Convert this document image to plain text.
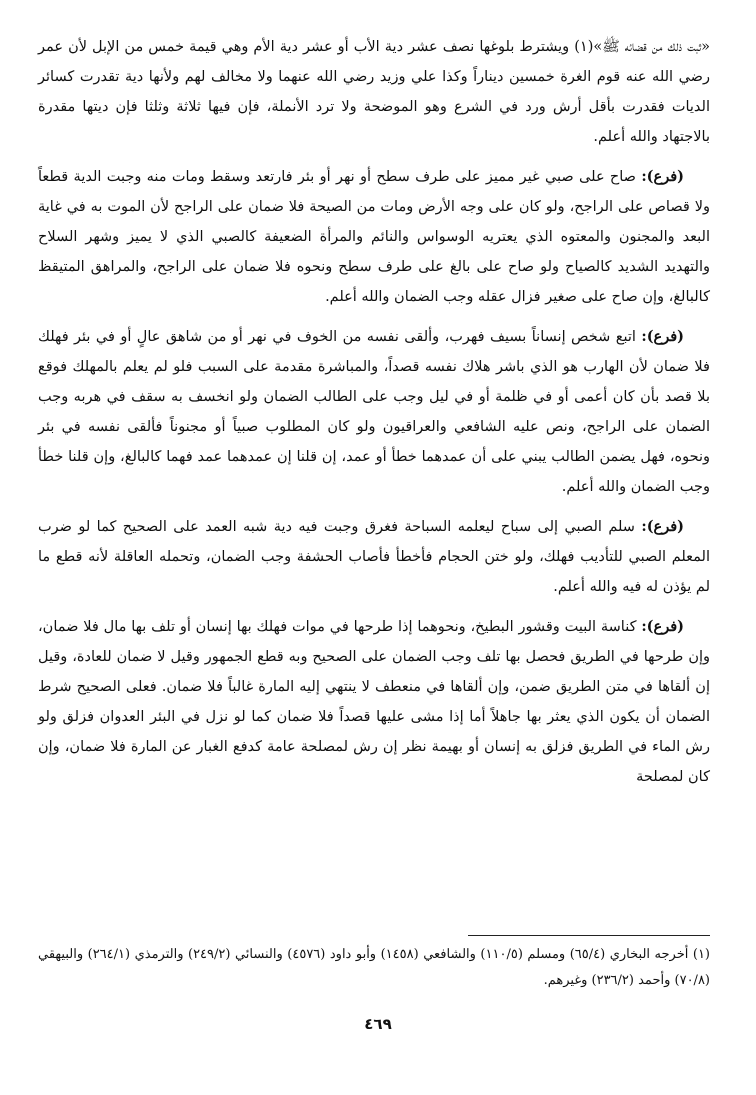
«ثبت ذلك من قضائه ﷺ»(١) ويشترط بلوغها نصف عشر دية الأب أو عشر دية الأم وهي قيمة خمس من الإبل لأن عمر رضي الله عنه قوم الغرة خمسين ديناراً وكذا علي وزيد رضي الله عنهما ولا مخالف لهم ولأنها دية تقدرت كسائر الديات فقدرت بأقل أرش ورد في الشرع وهو الموضحة ولا ترد الأنملة، فإن فيها ثلاثة وثلثا فإن ديتها مقدرة بالاجتهاد والله أعلم.

(فرع): صاح على صبي غير مميز على طرف سطح أو نهر أو بئر فارتعد وسقط ومات منه وجبت الدية قطعاً ولا قصاص على الراجح، ولو كان على وجه الأرض ومات من الصيحة فلا ضمان على الراجح لأن الموت به في غاية البعد والمجنون والمعتوه الذي يعتريه الوسواس والنائم والمرأة الضعيفة كالصبي الذي لا يميز وشهر السلاح والتهديد الشديد كالصياح ولو صاح على بالغ على طرف سطح ونحوه فلا ضمان على الراجح، والمراهق المتيقظ كالبالغ، وإن صاح على صغير فزال عقله وجب الضمان والله أعلم.

(فرع): اتبع شخص إنساناً بسيف فهرب، وألقى نفسه من الخوف في نهر أو من شاهق عالٍ أو في بئر فهلك فلا ضمان لأن الهارب هو الذي باشر هلاك نفسه قصداً، والمباشرة مقدمة على السبب فلو لم يعلم بالمهلك فوقع بلا قصد بأن كان أعمى أو في ظلمة أو في ليل وجب على الطالب الضمان ولو انخسف به سقف في هربه وجب الضمان على الراجح، ونص عليه الشافعي والعراقيون ولو كان المطلوب صبياً أو مجنوناً فألقى نفسه في بئر ونحوه، فهل يضمن الطالب يبني على أن عمدهما خطأ أو عمد، إن قلنا إن عمدهما عمد فهما كالبالغ، وإن قلنا خطأ وجب الضمان والله أعلم.

(فرع): سلم الصبي إلى سباح ليعلمه السباحة فغرق وجبت فيه دية شبه العمد على الصحيح كما لو ضرب المعلم الصبي للتأديب فهلك، ولو ختن الحجام فأخطأ فأصاب الحشفة وجب الضمان، وتحمله العاقلة لأنه قطع ما لم يؤذن له فيه والله أعلم.

(فرع): كناسة البيت وقشور البطيخ، ونحوهما إذا طرحها في موات فهلك بها إنسان أو تلف بها مال فلا ضمان، وإن طرحها في الطريق فحصل بها تلف وجب الضمان على الصحيح وبه قطع الجمهور وقيل لا ضمان للعادة، وقيل إن ألقاها في متن الطريق ضمن، وإن ألقاها في منعطف لا ينتهي إليه المارة غالباً فلا ضمان. فعلى الصحيح شرط الضمان أن يكون الذي يعثر بها جاهلاً أما إذا مشى عليها قصداً فلا ضمان كما لو نزل في البئر العدوان فزلق ولو رش الماء في الطريق فزلق به إنسان أو بهيمة نظر إن رش لمصلحة عامة كدفع الغبار عن المارة فلا ضمان، وإن كان لمصلحة

(١) أخرجه البخاري (٦٥/٤) ومسلم (١١٠/٥) والشافعي (١٤٥٨) وأبو داود (٤٥٧٦) والنسائي (٢٤٩/٢) والترمذي (٢٦٤/١) والبيهقي (٧٠/٨) وأحمد (٢٣٦/٢) وغيرهم.

٤٦٩
